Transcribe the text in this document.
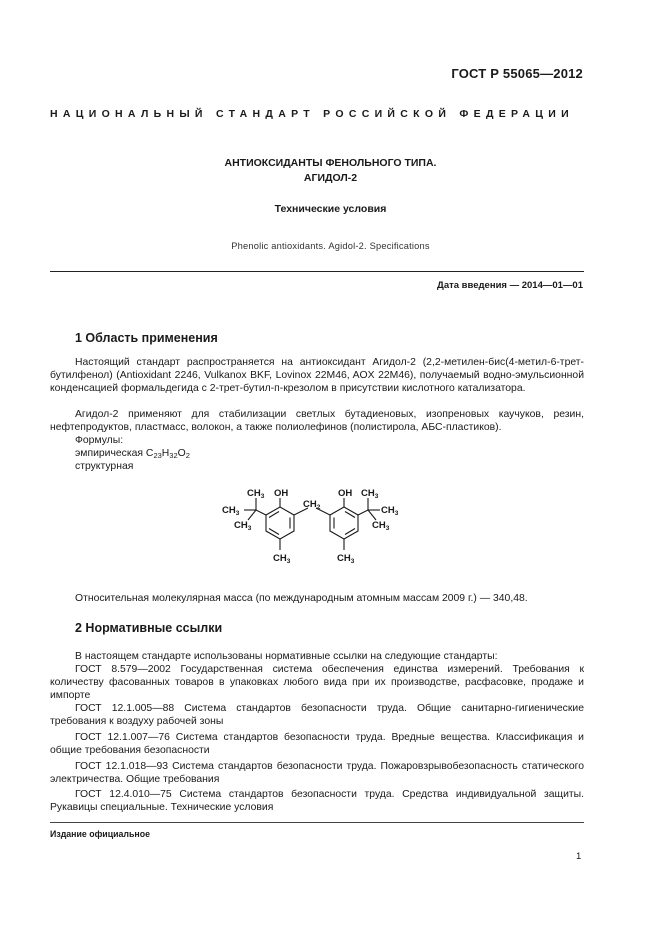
ГОСТ Р 55065—2012
НАЦИОНАЛЬНЫЙ СТАНДАРТ РОССИЙСКОЙ ФЕДЕРАЦИИ
АНТИОКСИДАНТЫ ФЕНОЛЬНОГО ТИПА.
АГИДОЛ-2
Технические условия
Phenolic antioxidants. Agidol-2. Specifications
Дата введения — 2014—01—01
1 Область применения
Настоящий стандарт распространяется на антиоксидант Агидол-2 (2,2-метилен-бис(4-метил-6-трет-бутилфенол) (Antioxidant 2246, Vulkanox BKF, Lovinox 22M46, AOX 22M46), получаемый водно-эмульсионной конденсацией формальдегида с 2-трет-бутил-п-крезолом в присутствии кислотного катализатора.
Агидол-2 применяют для стабилизации светлых бутадиеновых, изопреновых каучуков, резин, нефтепродуктов, пластмасс, волокон, а также полиолефинов (полистирола, АБС-пластиков).
Формулы:
эмпирическая C23H32O2
структурная
$CH_3$
$CH_3$
$CH_3$
OH	OH
$CH_2$
$CH_3$
$CH_3$
$CH_3$
$CH_3$	$CH_3$
Относительная молекулярная масса (по международным атомным массам 2009 г.) — 340,48.
2 Нормативные ссылки
В настоящем стандарте использованы нормативные ссылки на следующие стандарты:
ГОСТ 8.579—2002 Государственная система обеспечения единства измерений. Требования к количеству фасованных товаров в упаковках любого вида при их производстве, расфасовке, продаже и импорте
ГОСТ 12.1.005—88 Система стандартов безопасности труда. Общие санитарно-гигиенические требования к воздуху рабочей зоны
ГОСТ 12.1.007—76 Система стандартов безопасности труда. Вредные вещества. Классификация и общие требования безопасности
ГОСТ 12.1.018—93 Система стандартов безопасности труда. Пожаровзрывобезопасность статического электричества. Общие требования
ГОСТ 12.4.010—75 Система стандартов безопасности труда. Средства индивидуальной защиты. Рукавицы специальные. Технические условия
Издание официальное
1
